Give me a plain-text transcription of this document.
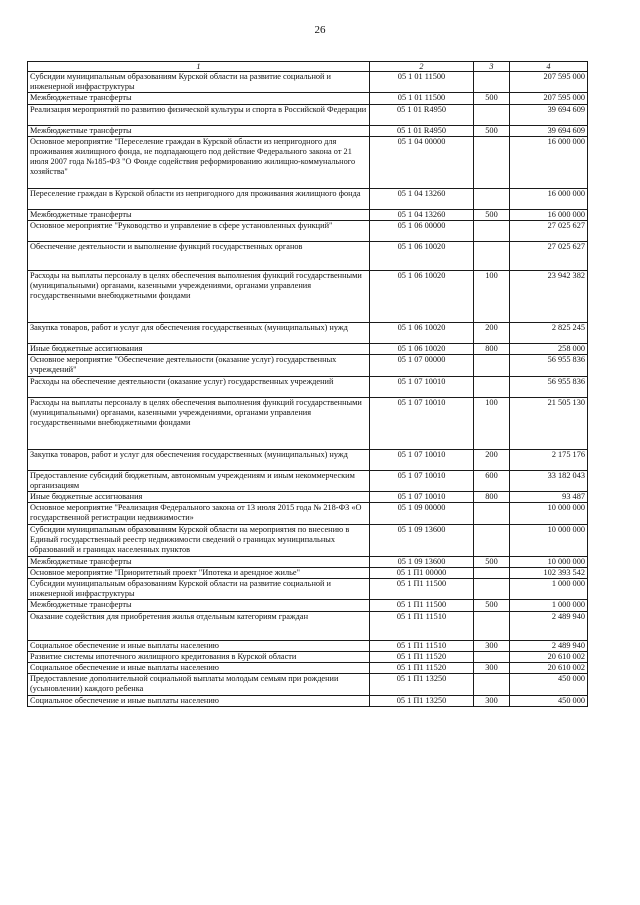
26
1	2	3	4
Субсидии муниципальным образованиям Курской области на развитие социальной и инженерной инфраструктуры	05 1 01 11500		207 595 000
Межбюджетные трансферты	05 1 01 11500	500	207 595 000
Реализация мероприятий по развитию физической культуры и спорта в Российской Федерации	05 1 01 R4950		39 694 609
Межбюджетные трансферты	05 1 01 R4950	500	39 694 609
Основное мероприятие "Переселение граждан в Курской области из непригодного для проживания жилищного фонда, не подпадающего под действие Федерального закона от 21 июля 2007 года №185-ФЗ "О Фонде содействия реформированию жилищно-коммунального хозяйства"	05 1 04 00000		16 000 000
Переселение граждан в Курской области из непригодного для проживания жилищного фонда	05 1 04 13260		16 000 000
Межбюджетные трансферты	05 1 04 13260	500	16 000 000
Основное мероприятие "Руководство и управление в сфере установленных функций"	05 1 06 00000		27 025 627
Обеспечение деятельности и выполнение функций государственных органов	05 1 06 10020		27 025 627
Расходы на выплаты персоналу в целях обеспечения выполнения функций государственными (муниципальными) органами, казенными учреждениями, органами управления государственными внебюджетными фондами	05 1 06 10020	100	23 942 382
Закупка товаров, работ и услуг для обеспечения государственных (муниципальных) нужд	05 1 06 10020	200	2 825 245
Иные бюджетные ассигнования	05 1 06 10020	800	258 000
Основное мероприятие "Обеспечение деятельности (оказание услуг) государственных учреждений"	05 1 07 00000		56 955 836
Расходы на обеспечение деятельности (оказание услуг) государственных учреждений	05 1 07 10010		56 955 836
Расходы на выплаты персоналу в целях обеспечения выполнения функций государственными (муниципальными) органами, казенными учреждениями, органами управления государственными внебюджетными фондами	05 1 07 10010	100	21 505 130
Закупка товаров, работ и услуг для обеспечения государственных (муниципальных) нужд	05 1 07 10010	200	2 175 176
Предоставление субсидий бюджетным, автономным учреждениям и иным некоммерческим организациям	05 1 07 10010	600	33 182 043
Иные бюджетные ассигнования	05 1 07 10010	800	93 487
Основное мероприятие "Реализация Федерального закона от 13 июля 2015 года № 218-ФЗ «О государственной регистрации недвижимости»	05 1 09 00000		10 000 000
Субсидии муниципальным образованиям Курской области на мероприятия по внесению в Единый государственный реестр недвижимости сведений о границах муниципальных образований и границах населенных пунктов	05 1 09 13600		10 000 000
Межбюджетные трансферты	05 1 09 13600	500	10 000 000
Основное мероприятие "Приоритетный проект "Ипотека и арендное жилье"	05 1 П1 00000		102 393 542
Субсидии муниципальным образованиям Курской области на развитие социальной и инженерной инфраструктуры	05 1 П1 11500		1 000 000
Межбюджетные трансферты	05 1 П1 11500	500	1 000 000
Оказание содействия для приобретения жилья отдельным категориям граждан	05 1 П1 11510		2 489 940
Социальное обеспечение и иные выплаты населению	05 1 П1 11510	300	2 489 940
Развитие системы ипотечного жилищного кредитования в Курской области	05 1 П1 11520		20 610 002
Социальное обеспечение и иные выплаты населению	05 1 П1 11520	300	20 610 002
Предоставление дополнительной социальной выплаты молодым семьям при рождении (усыновлении) каждого ребенка	05 1 П1 13250		450 000
Социальное обеспечение и иные выплаты населению	05 1 П1 13250	300	450 000
